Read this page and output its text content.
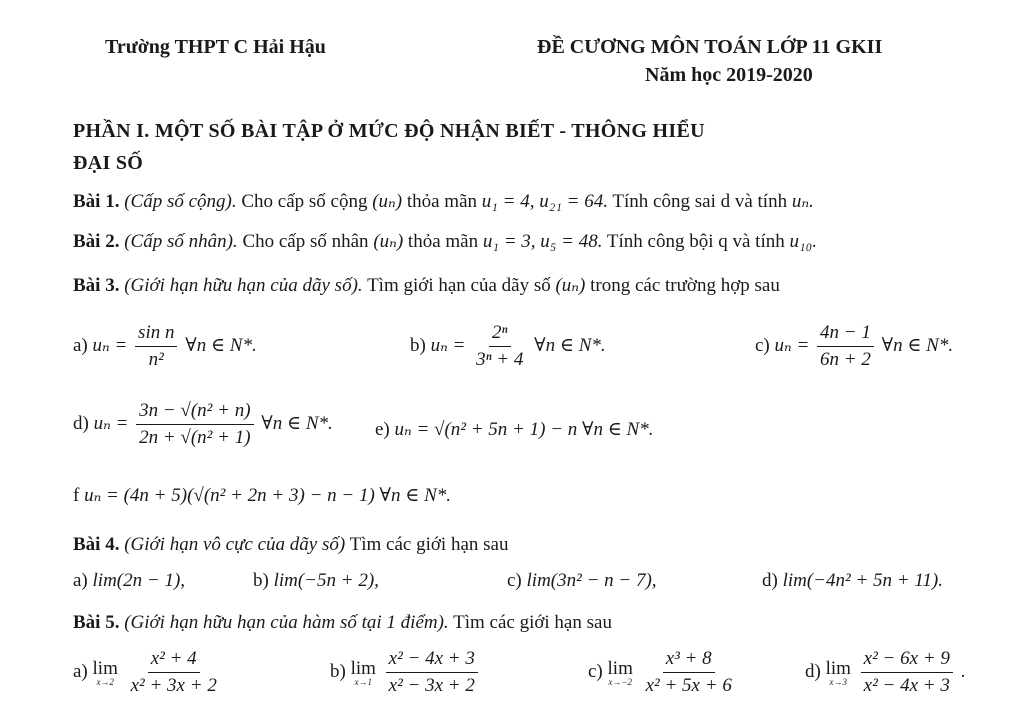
Trường THPT C Hải Hậu	ĐỀ CƯƠNG MÔN TOÁN LỚP 11 GKII
Năm học 2019-2020
PHẦN I. MỘT SỐ BÀI TẬP Ở MỨC ĐỘ NHẬN BIẾT - THÔNG HIỂU
ĐẠI SỐ
Bài 1. (Cấp số cộng). Cho cấp số cộng (uₙ) thỏa mãn u₁ = 4, u₂₁ = 64. Tính công sai d và tính uₙ.
Bài 2. (Cấp số nhân). Cho cấp số nhân (uₙ) thỏa mãn u₁ = 3, u₅ = 48. Tính công bội q và tính u₁₀.
Bài 3. (Giới hạn hữu hạn của dãy số). Tìm giới hạn của dãy số (uₙ) trong các trường hợp sau
a) $u_n = \frac{\text{sin n}}{\text{n²}}$ ∀n ∈ N*.	b) $u_n = \frac{\text{2ⁿ}}{\text{3ⁿ + 4}}$ ∀n ∈ N*.	c) $u_n = \frac{4n - 1}{6n + 2}$ ∀n ∈ N*.
d) $u_n = \frac{\text{3n − √(n² + n)}}{\text{2n + √(n² + 1)}}$ ∀n ∈ N*. e) uₙ = √(n² + 5n + 1) − n ∀n ∈ N*.
f uₙ = (4n + 5)(√(n² + 2n + 3) − n − 1) ∀n ∈ N*.
Bài 4. (Giới hạn vô cực của dãy số) Tìm các giới hạn sau
a) lim(2n − 1),	b) lim(−5n + 2),	c) lim(3n² − n − 7),	d) lim(−4n² + 5n + 11).
Bài 5. (Giới hạn hữu hạn của hàm số tại 1 điểm). Tìm các giới hạn sau
a) lim
x→2
$\frac{\text{x² + 4}}{\text{x² + 3x + 2}}$	b) lim
x→1
$\frac{\text{x² − 4x + 3}}{\text{x² − 3x + 2}}$	c) lim
x→−2
$\frac{\text{x³ + 8}}{\text{x² + 5x + 6}}$	d) lim
x→3
$\frac{\text{x² − 6x + 9}}{\text{x² − 4x + 3}}$ .
